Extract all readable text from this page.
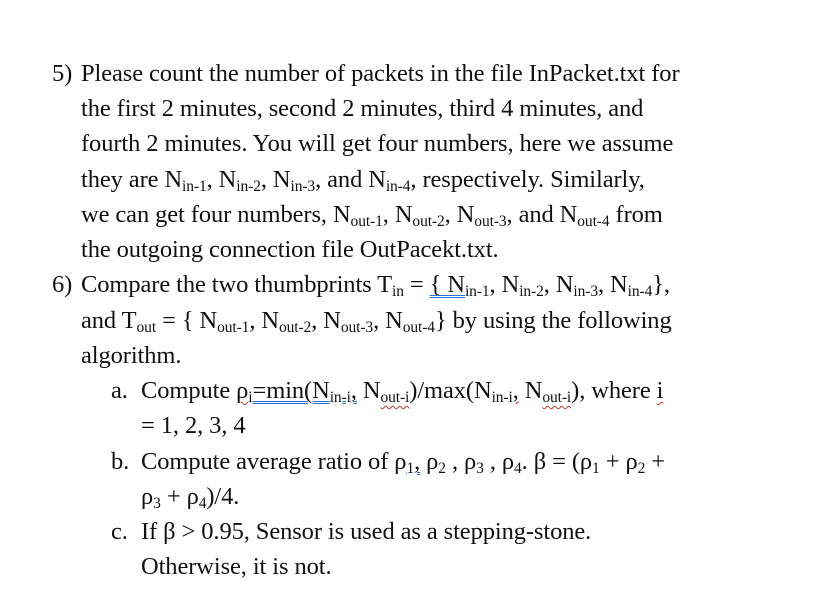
5) Please count the number of packets in the file InPacket.txt for
the first 2 minutes, second 2 minutes, third 4 minutes, and
fourth 2 minutes. You will get four numbers, here we assume
they are $N_{in-1}$, $N_{in-2}$, $N_{in-3}$, and $N_{in-4}$, respectively. Similarly,
we can get four numbers, $N_{out-1}$, $N_{out-2}$, $N_{out-3}$, and $N_{out-4}$ from
the outgoing connection file OutPacekt.txt.
6) Compare the two thumbprints $T_{in}$ = { $N_{in-1}$, $N_{in-2}$, $N_{in-3}$, $N_{in-4}$},
and $T_{out}$ = { $N_{out-1}$, $N_{out-2}$, $N_{out-3}$, $N_{out-4}$} by using the following
algorithm.
a. Compute $\rho_i=\min(N_{in-i}$, $N_{out-i})/\max(N_{in-i}$, $N_{out-i}$), where i
= 1, 2, 3, 4
b. Compute average ratio of $\rho_1$, $\rho_2$ , $\rho_3$ , $\rho_4$. $\beta = (\rho_1 + \rho_2$ +
$\rho_3 + \rho_4)/4$.
c. If β > 0.95, Sensor is used as a stepping-stone.
Otherwise, it is not.
